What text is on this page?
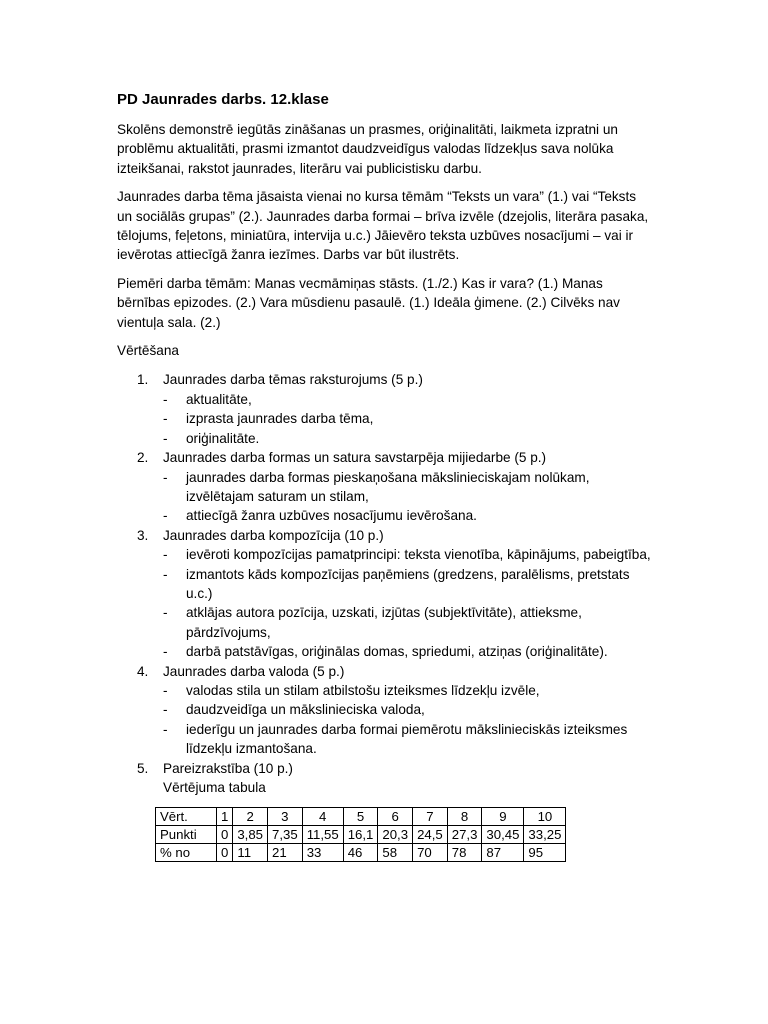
PD Jaunrades darbs. 12.klase

Skolēns demonstrē iegūtās zināšanas un prasmes, oriģinalitāti, laikmeta izpratni un problēmu aktualitāti, prasmi izmantot daudzveidīgus valodas līdzekļus sava nolūka izteikšanai, rakstot jaunrades, literāru vai publicistisku darbu.

Jaunrades darba tēma jāsaista vienai no kursa tēmām “Teksts un vara” (1.) vai “Teksts un sociālās grupas” (2.). Jaunrades darba formai – brīva izvēle (dzejolis, literāra pasaka, tēlojums, feļetons, miniatūra, intervija u.c.) Jāievēro teksta uzbūves nosacījumi – vai ir ievērotas attiecīgā žanra iezīmes. Darbs var būt ilustrēts.

Piemēri darba tēmām: Manas vecmāmiņas stāsts. (1./2.) Kas ir vara? (1.) Manas bērnības epizodes. (2.) Vara mūsdienu pasaulē. (1.) Ideāla ģimene. (2.) Cilvēks nav vientuļa sala. (2.)

Vērtēšana
1. Jaunrades darba tēmas raksturojums (5 p.)
- aktualitāte,
- izprasta jaunrades darba tēma,
- oriģinalitāte.
2. Jaunrades darba formas un satura savstarpēja mijiedarbe (5 p.)
- jaunrades darba formas pieskaņošana mākslinieciskajam nolūkam, izvēlētajam saturam un stilam,
- attiecīgā žanra uzbūves nosacījumu ievērošana.
3. Jaunrades darba kompozīcija (10 p.)
- ievēroti kompozīcijas pamatprincipi: teksta vienotība, kāpinājums, pabeigtība,
- izmantots kāds kompozīcijas paņēmiens (gredzens, paralēlisms, pretstats u.c.)
- atklājas autora pozīcija, uzskati, izjūtas (subjektīvitāte), attieksme, pārdzīvojums,
- darbā patstāvīgas, oriģinālas domas, spriedumi, atziņas (oriģinalitāte).
4. Jaunrades darba valoda (5 p.)
- valodas stila un stilam atbilstošu izteiksmes līdzekļu izvēle,
- daudzveidīga un mākslinieciska valoda,
- iederīgu un jaunrades darba formai piemērotu mākslinieciskās izteiksmes līdzekļu izmantošana.
5. Pareizrakstība (10 p.)
Vērtējuma tabula
Vērt.	1	2	3	4	5	6	7	8	9	10
Punkti	0	3,85	7,35	11,55	16,1	20,3	24,5	27,3	30,45	33,25
% no	0	11	21	33	46	58	70	78	87	95
